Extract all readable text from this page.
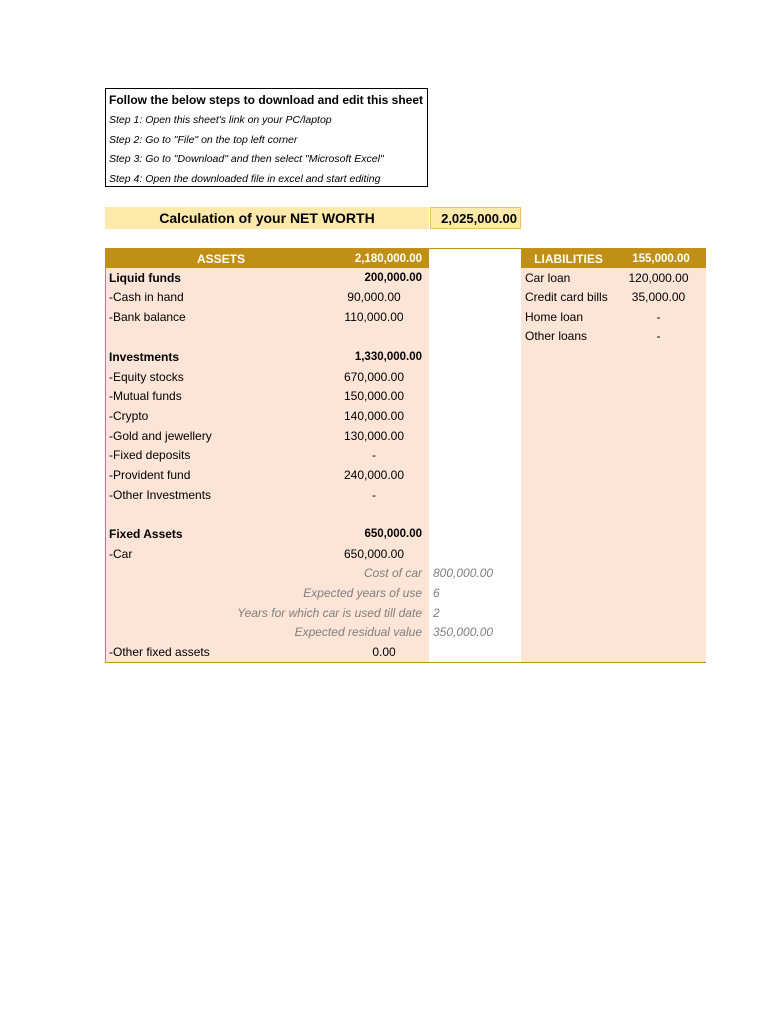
Follow the below steps to download and edit this sheet
Step 1: Open this sheet's link on your PC/laptop
Step 2: Go to "File" on the top left corner
Step 3: Go to "Download" and then select "Microsoft Excel"
Step 4: Open the downloaded file in excel and start editing
Calculation of your NET WORTH	2,025,000.00
ASSETS	2,180,000.00	LIABILITIES	155,000.00
Liquid funds	200,000.00
-Cash in hand	90,000.00
-Bank balance	110,000.00
Investments	1,330,000.00
-Equity stocks	670,000.00
-Mutual funds	150,000.00
-Crypto	140,000.00
-Gold and jewellery	130,000.00
-Fixed deposits	-
-Provident fund	240,000.00
-Other Investments	-
Fixed Assets	650,000.00
-Car	650,000.00
Cost of car 800,000.00
Expected years of use 6
Years for which car is used till date 2
Expected residual value 350,000.00
-Other fixed assets	0.00
Car loan	120,000.00
Credit card bills	35,000.00
Home loan	-
Other loans	-
